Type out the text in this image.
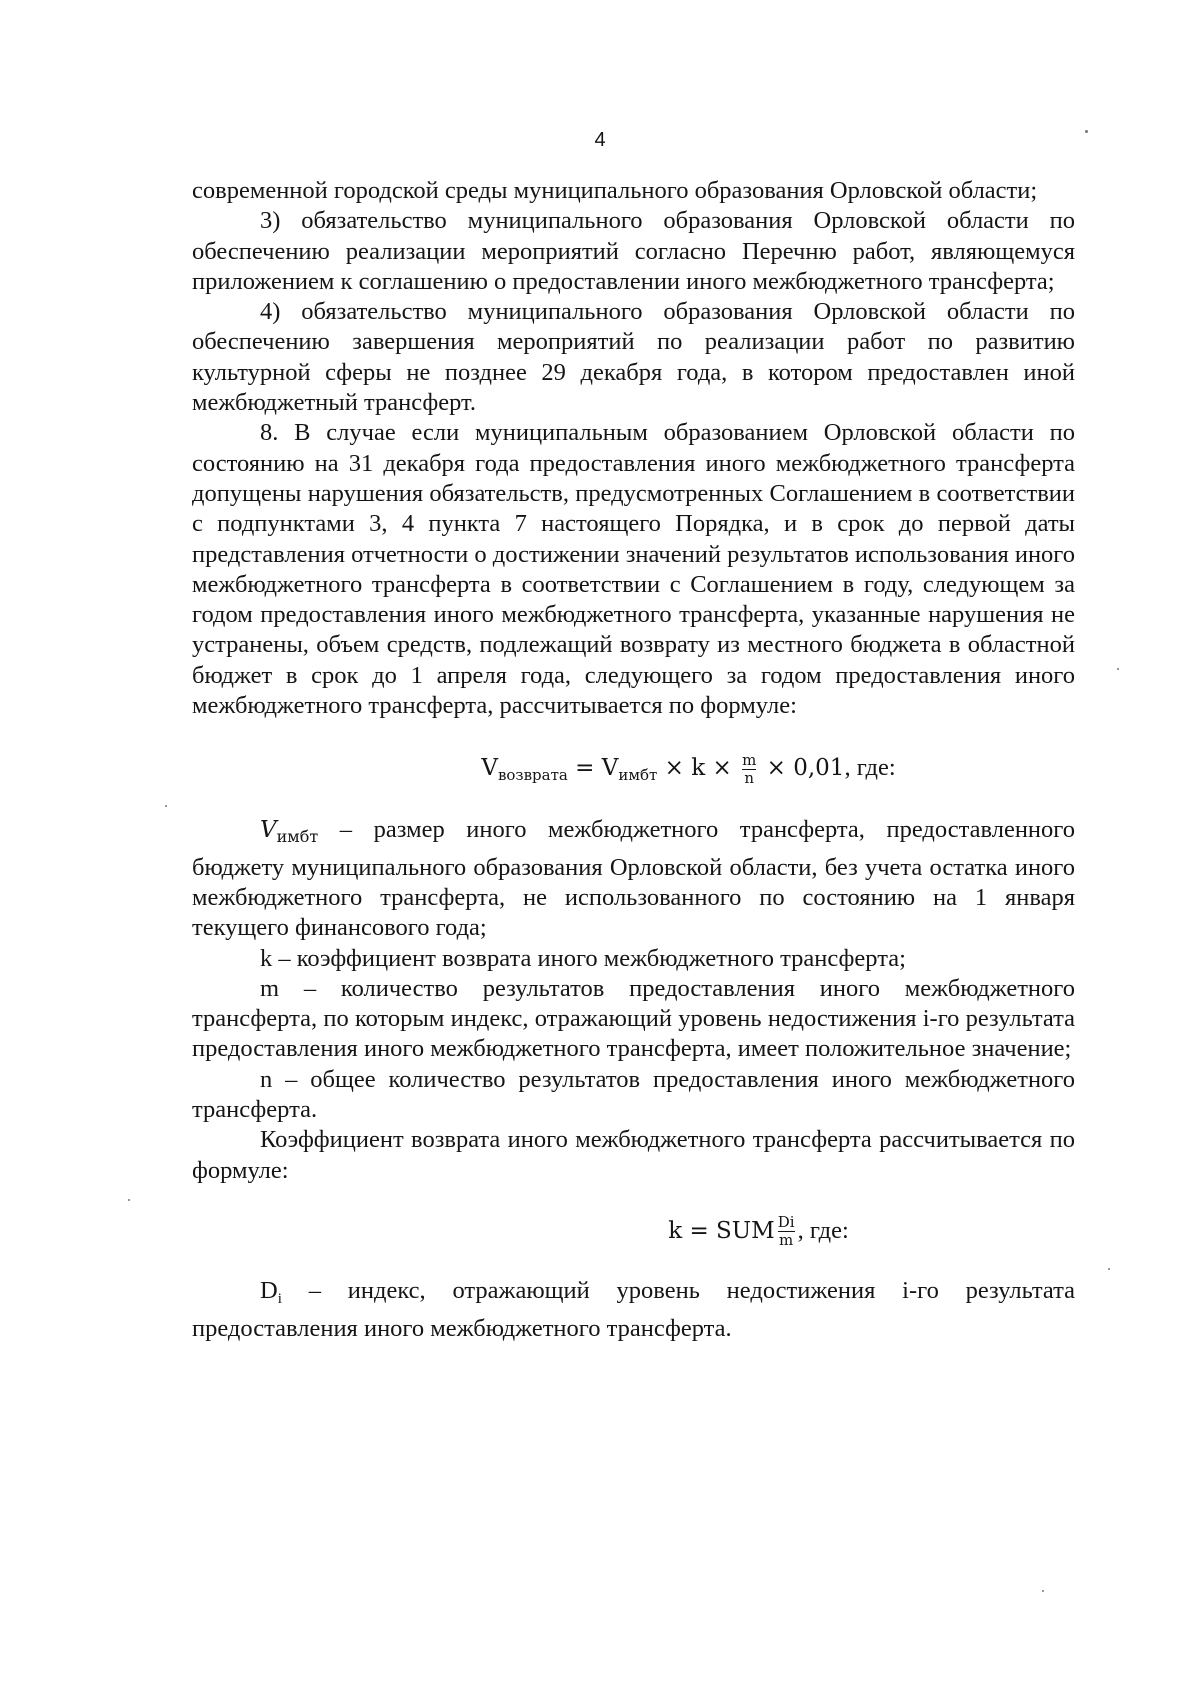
4

современной городской среды муниципального образования Орловской области;

3) обязательство муниципального образования Орловской области по обеспечению реализации мероприятий согласно Перечню работ, являющемуся приложением к соглашению о предоставлении иного межбюджетного трансферта;

4) обязательство муниципального образования Орловской области по обеспечению завершения мероприятий по реализации работ по развитию культурной сферы не позднее 29 декабря года, в котором предоставлен иной межбюджетный трансферт.

8. В случае если муниципальным образованием Орловской области по состоянию на 31 декабря года предоставления иного межбюджетного трансферта допущены нарушения обязательств, предусмотренных Соглашением в соответствии с подпунктами 3, 4 пункта 7 настоящего Порядка, и в срок до первой даты представления отчетности о достижении значений результатов использования иного межбюджетного трансферта в соответствии с Соглашением в году, следующем за годом предоставления иного межбюджетного трансферта, указанные нарушения не устранены, объем средств, подлежащий возврату из местного бюджета в областной бюджет в срок до 1 апреля года, следующего за годом предоставления иного межбюджетного трансферта, рассчитывается по формуле:

$V_{возврата} = V_{имбт} \times k \times \frac{m}{n} \times 0,01$, где:

$V_{имбт}$ – размер иного межбюджетного трансферта, предоставленного бюджету муниципального образования Орловской области, без учета остатка иного межбюджетного трансферта, не использованного по состоянию на 1 января текущего финансового года;

k – коэффициент возврата иного межбюджетного трансферта;

m – количество результатов предоставления иного межбюджетного трансферта, по которым индекс, отражающий уровень недостижения i-го результата предоставления иного межбюджетного трансферта, имеет положительное значение;

n – общее количество результатов предоставления иного межбюджетного трансферта.

Коэффициент возврата иного межбюджетного трансферта рассчитывается по формуле:

k = SUM $\frac{Di}{m}$ , где:

$D_i$ – индекс, отражающий уровень недостижения i-го результата предоставления иного межбюджетного трансферта.
